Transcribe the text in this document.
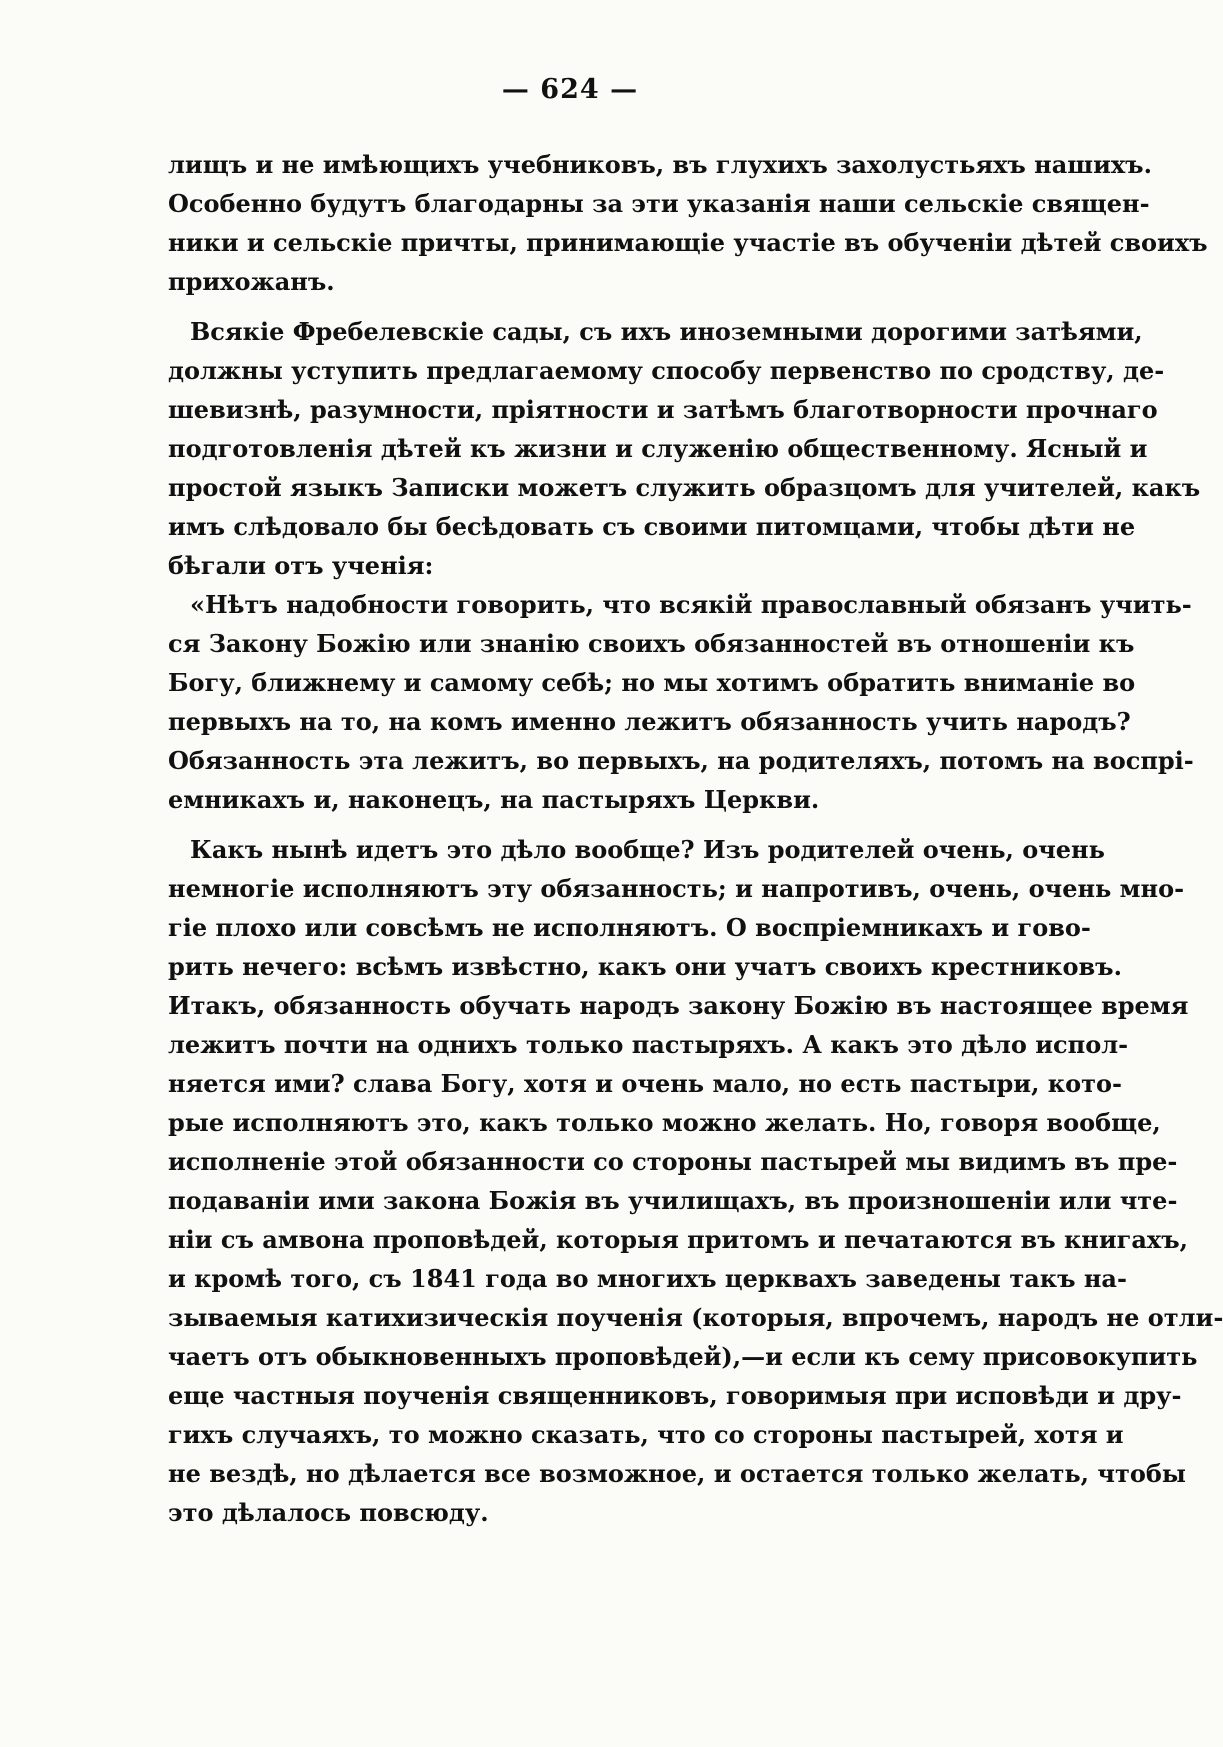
— 624 —
лищъ и не имѣющихъ учебниковъ, въ глухихъ захолустьяхъ нашихъ.
Особенно будутъ благодарны за эти указанія наши сельскіе священ-
ники и сельскіе причты, принимающіе участіе въ обученіи дѣтей своихъ
прихожанъ.
Всякіе Фребелевскіе сады, съ ихъ иноземными дорогими затѣями,
должны уступить предлагаемому способу первенство по сродству, де-
шевизнѣ, разумности, пріятности и затѣмъ благотворности прочнаго
подготовленія дѣтей къ жизни и служенію общественному. Ясный и
простой языкъ Записки можетъ служить образцомъ для учителей, какъ
имъ слѣдовало бы бесѣдовать съ своими питомцами, чтобы дѣти не
бѣгали отъ ученія:
«Нѣтъ надобности говорить, что всякій православный обязанъ учить-
ся Закону Божію или знанію своихъ обязанностей въ отношеніи къ
Богу, ближнему и самому себѣ; но мы хотимъ обратить вниманіе во
первыхъ на то, на комъ именно лежитъ обязанность учить народъ?
Обязанность эта лежитъ, во первыхъ, на родителяхъ, потомъ на воспрі-
емникахъ и, наконецъ, на пастыряхъ Церкви.
Какъ нынѣ идетъ это дѣло вообще? Изъ родителей очень, очень
немногіе исполняютъ эту обязанность; и напротивъ, очень, очень мно-
гіе плохо или совсѣмъ не исполняютъ. О воспріемникахъ и гово-
рить нечего: всѣмъ извѣстно, какъ они учатъ своихъ крестниковъ.
Итакъ, обязанность обучать народъ закону Божію въ настоящее время
лежитъ почти на однихъ только пастыряхъ. А какъ это дѣло испол-
няется ими? слава Богу, хотя и очень мало, но есть пастыри, кото-
рые исполняютъ это, какъ только можно желать. Но, говоря вообще,
исполненіе этой обязанности со стороны пастырей мы видимъ въ пре-
подаваніи ими закона Божія въ училищахъ, въ произношеніи или чте-
ніи съ амвона проповѣдей, которыя притомъ и печатаются въ книгахъ,
и кромѣ того, съ 1841 года во многихъ церквахъ заведены такъ на-
зываемыя катихизическія поученія (которыя, впрочемъ, народъ не отли-
чаетъ отъ обыкновенныхъ проповѣдей),—и если къ сему присовокупить
еще частныя поученія священниковъ, говоримыя при исповѣди и дру-
гихъ случаяхъ, то можно сказать, что со стороны пастырей, хотя и
не вездѣ, но дѣлается все возможное, и остается только желать, чтобы
это дѣлалось повсюду.
